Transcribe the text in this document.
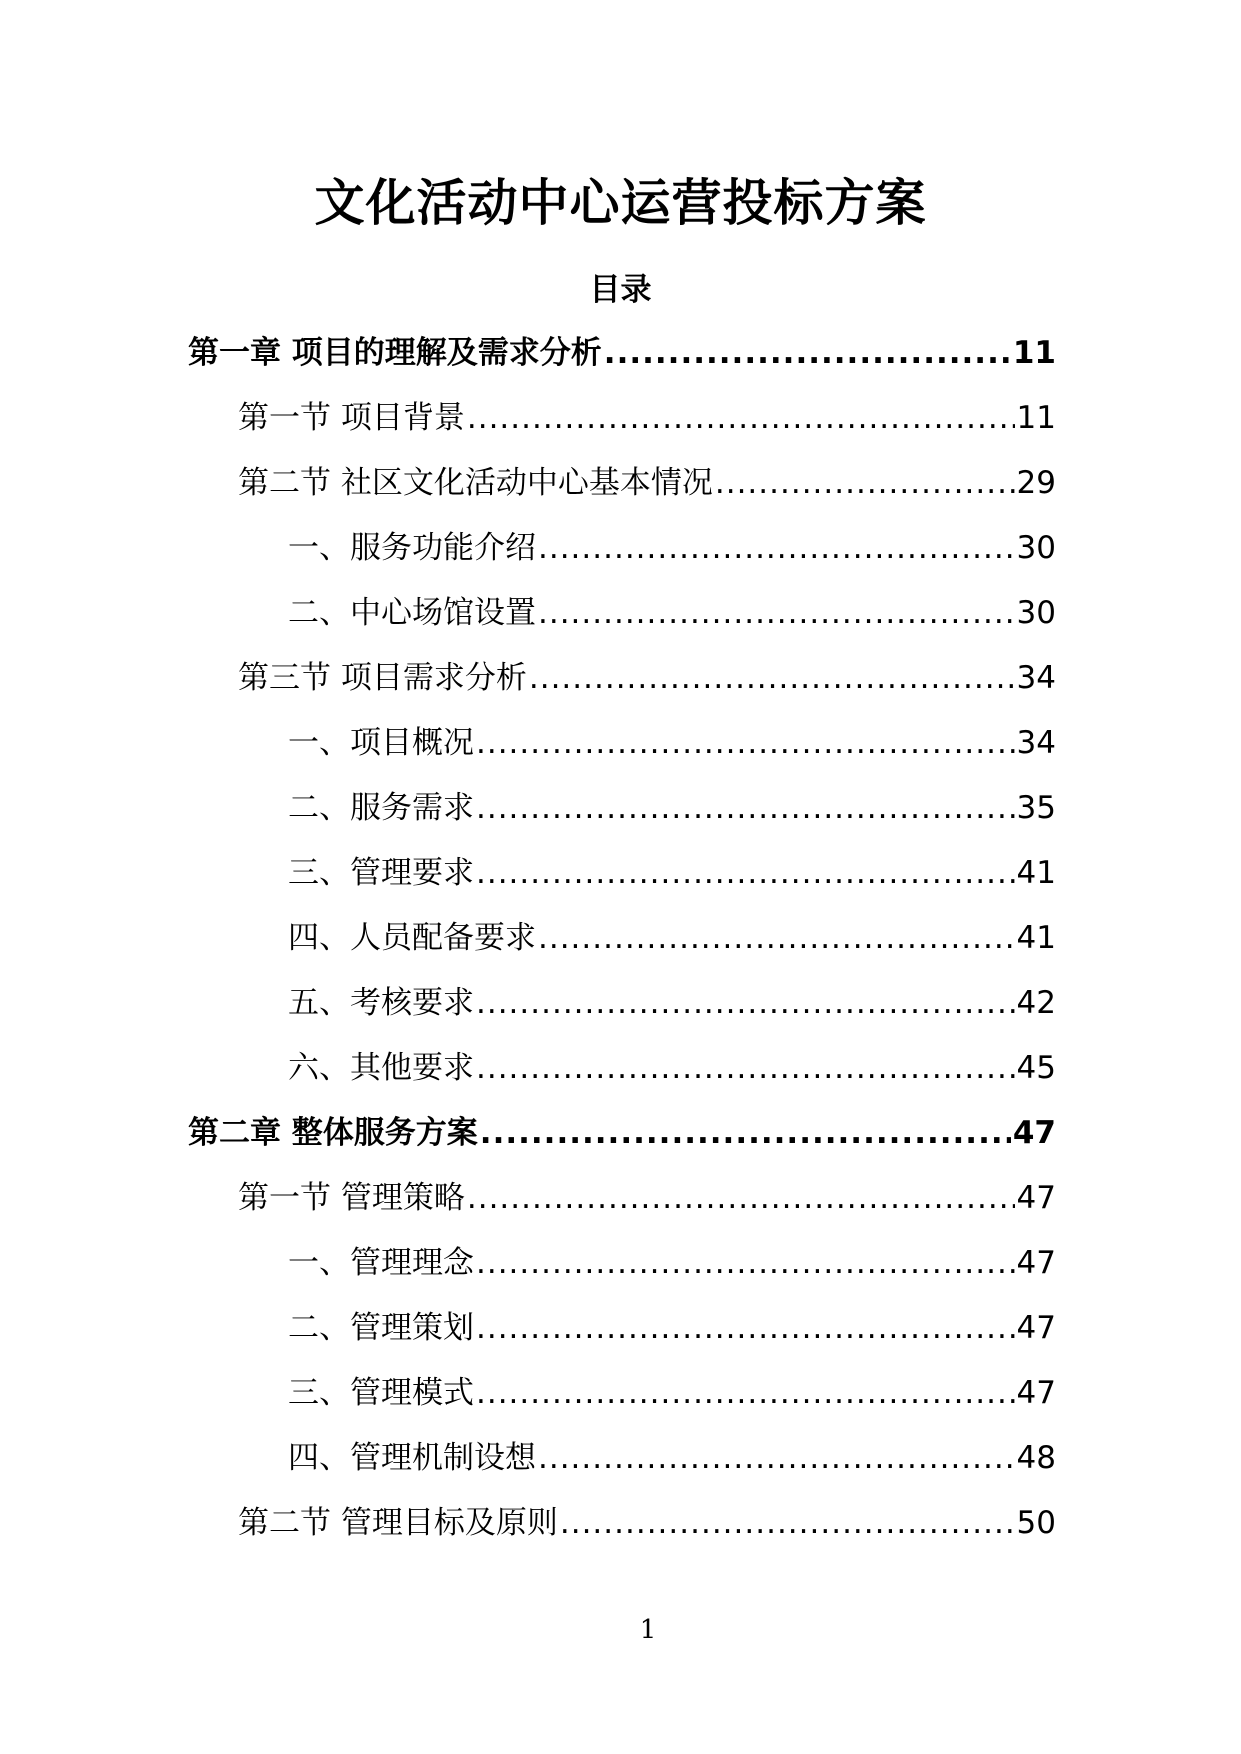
文化活动中心运营投标方案
目录
第一章 项目的理解及需求分析 .....	11
第一节 项目背景 .....	11
第二节 社区文化活动中心基本情况 .....	29
一、服务功能介绍 .....	30
二、中心场馆设置 .....	30
第三节 项目需求分析 .....	34
一、项目概况 .....	34
二、服务需求 .....	35
三、管理要求 .....	41
四、人员配备要求 .....	41
五、考核要求 .....	42
六、其他要求 .....	45
第二章 整体服务方案 .....	47
第一节 管理策略 .....	47
一、管理理念 .....	47
二、管理策划 .....	47
三、管理模式 .....	47
四、管理机制设想 .....	48
第二节 管理目标及原则 .....	50
1
